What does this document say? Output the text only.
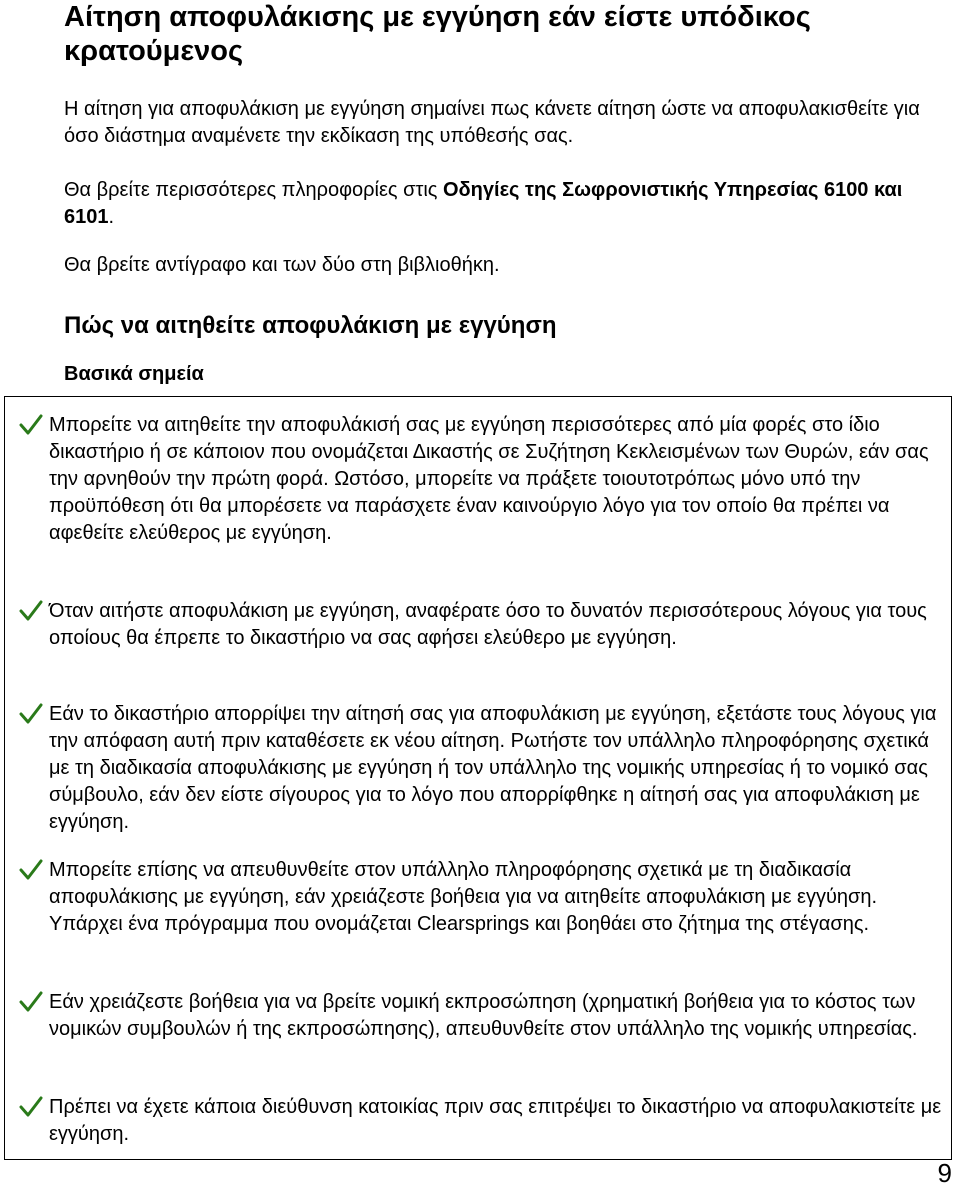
Αίτηση αποφυλάκισης με εγγύηση εάν είστε υπόδικος κρατούμενος

Η αίτηση για αποφυλάκιση με εγγύηση σημαίνει πως κάνετε αίτηση ώστε να αποφυλακισθείτε για όσο διάστημα αναμένετε την εκδίκαση της υπόθεσής σας.

Θα βρείτε περισσότερες πληροφορίες στις Οδηγίες της Σωφρονιστικής Υπηρεσίας 6100 και 6101.

Θα βρείτε αντίγραφο και των δύο στη βιβλιοθήκη.

Πώς να αιτηθείτε αποφυλάκιση με εγγύηση
Βασικά σημεία

Μπορείτε να αιτηθείτε την αποφυλάκισή σας με εγγύηση περισσότερες από μία φορές στο ίδιο δικαστήριο ή σε κάποιον που ονομάζεται Δικαστής σε Συζήτηση Κεκλεισμένων των Θυρών, εάν σας την αρνηθούν την πρώτη φορά. Ωστόσο, μπορείτε να πράξετε τοιουτοτρόπως μόνο υπό την προϋπόθεση ότι θα μπορέσετε να παράσχετε έναν καινούργιο λόγο για τον οποίο θα πρέπει να αφεθείτε ελεύθερος με εγγύηση.

Όταν αιτήστε αποφυλάκιση με εγγύηση, αναφέρατε όσο το δυνατόν περισσότερους λόγους για τους οποίους θα έπρεπε το δικαστήριο να σας αφήσει ελεύθερο με εγγύηση.

Εάν το δικαστήριο απορρίψει την αίτησή σας για αποφυλάκιση με εγγύηση, εξετάστε τους λόγους για την απόφαση αυτή πριν καταθέσετε εκ νέου αίτηση. Ρωτήστε τον υπάλληλο πληροφόρησης σχετικά με τη διαδικασία αποφυλάκισης με εγγύηση ή τον υπάλληλο της νομικής υπηρεσίας ή το νομικό σας σύμβουλο, εάν δεν είστε σίγουρος για το λόγο που απορρίφθηκε η αίτησή σας για αποφυλάκιση με εγγύηση.

Μπορείτε επίσης να απευθυνθείτε στον υπάλληλο πληροφόρησης σχετικά με τη διαδικασία αποφυλάκισης με εγγύηση, εάν χρειάζεστε βοήθεια για να αιτηθείτε αποφυλάκιση με εγγύηση. Υπάρχει ένα πρόγραμμα που ονομάζεται Clearsprings και βοηθάει στο ζήτημα της στέγασης.

Εάν χρειάζεστε βοήθεια για να βρείτε νομική εκπροσώπηση (χρηματική βοήθεια για το κόστος των νομικών συμβουλών ή της εκπροσώπησης), απευθυνθείτε στον υπάλληλο της νομικής υπηρεσίας.

Πρέπει να έχετε κάποια διεύθυνση κατοικίας πριν σας επιτρέψει το δικαστήριο να αποφυλακιστείτε με εγγύηση.

9
